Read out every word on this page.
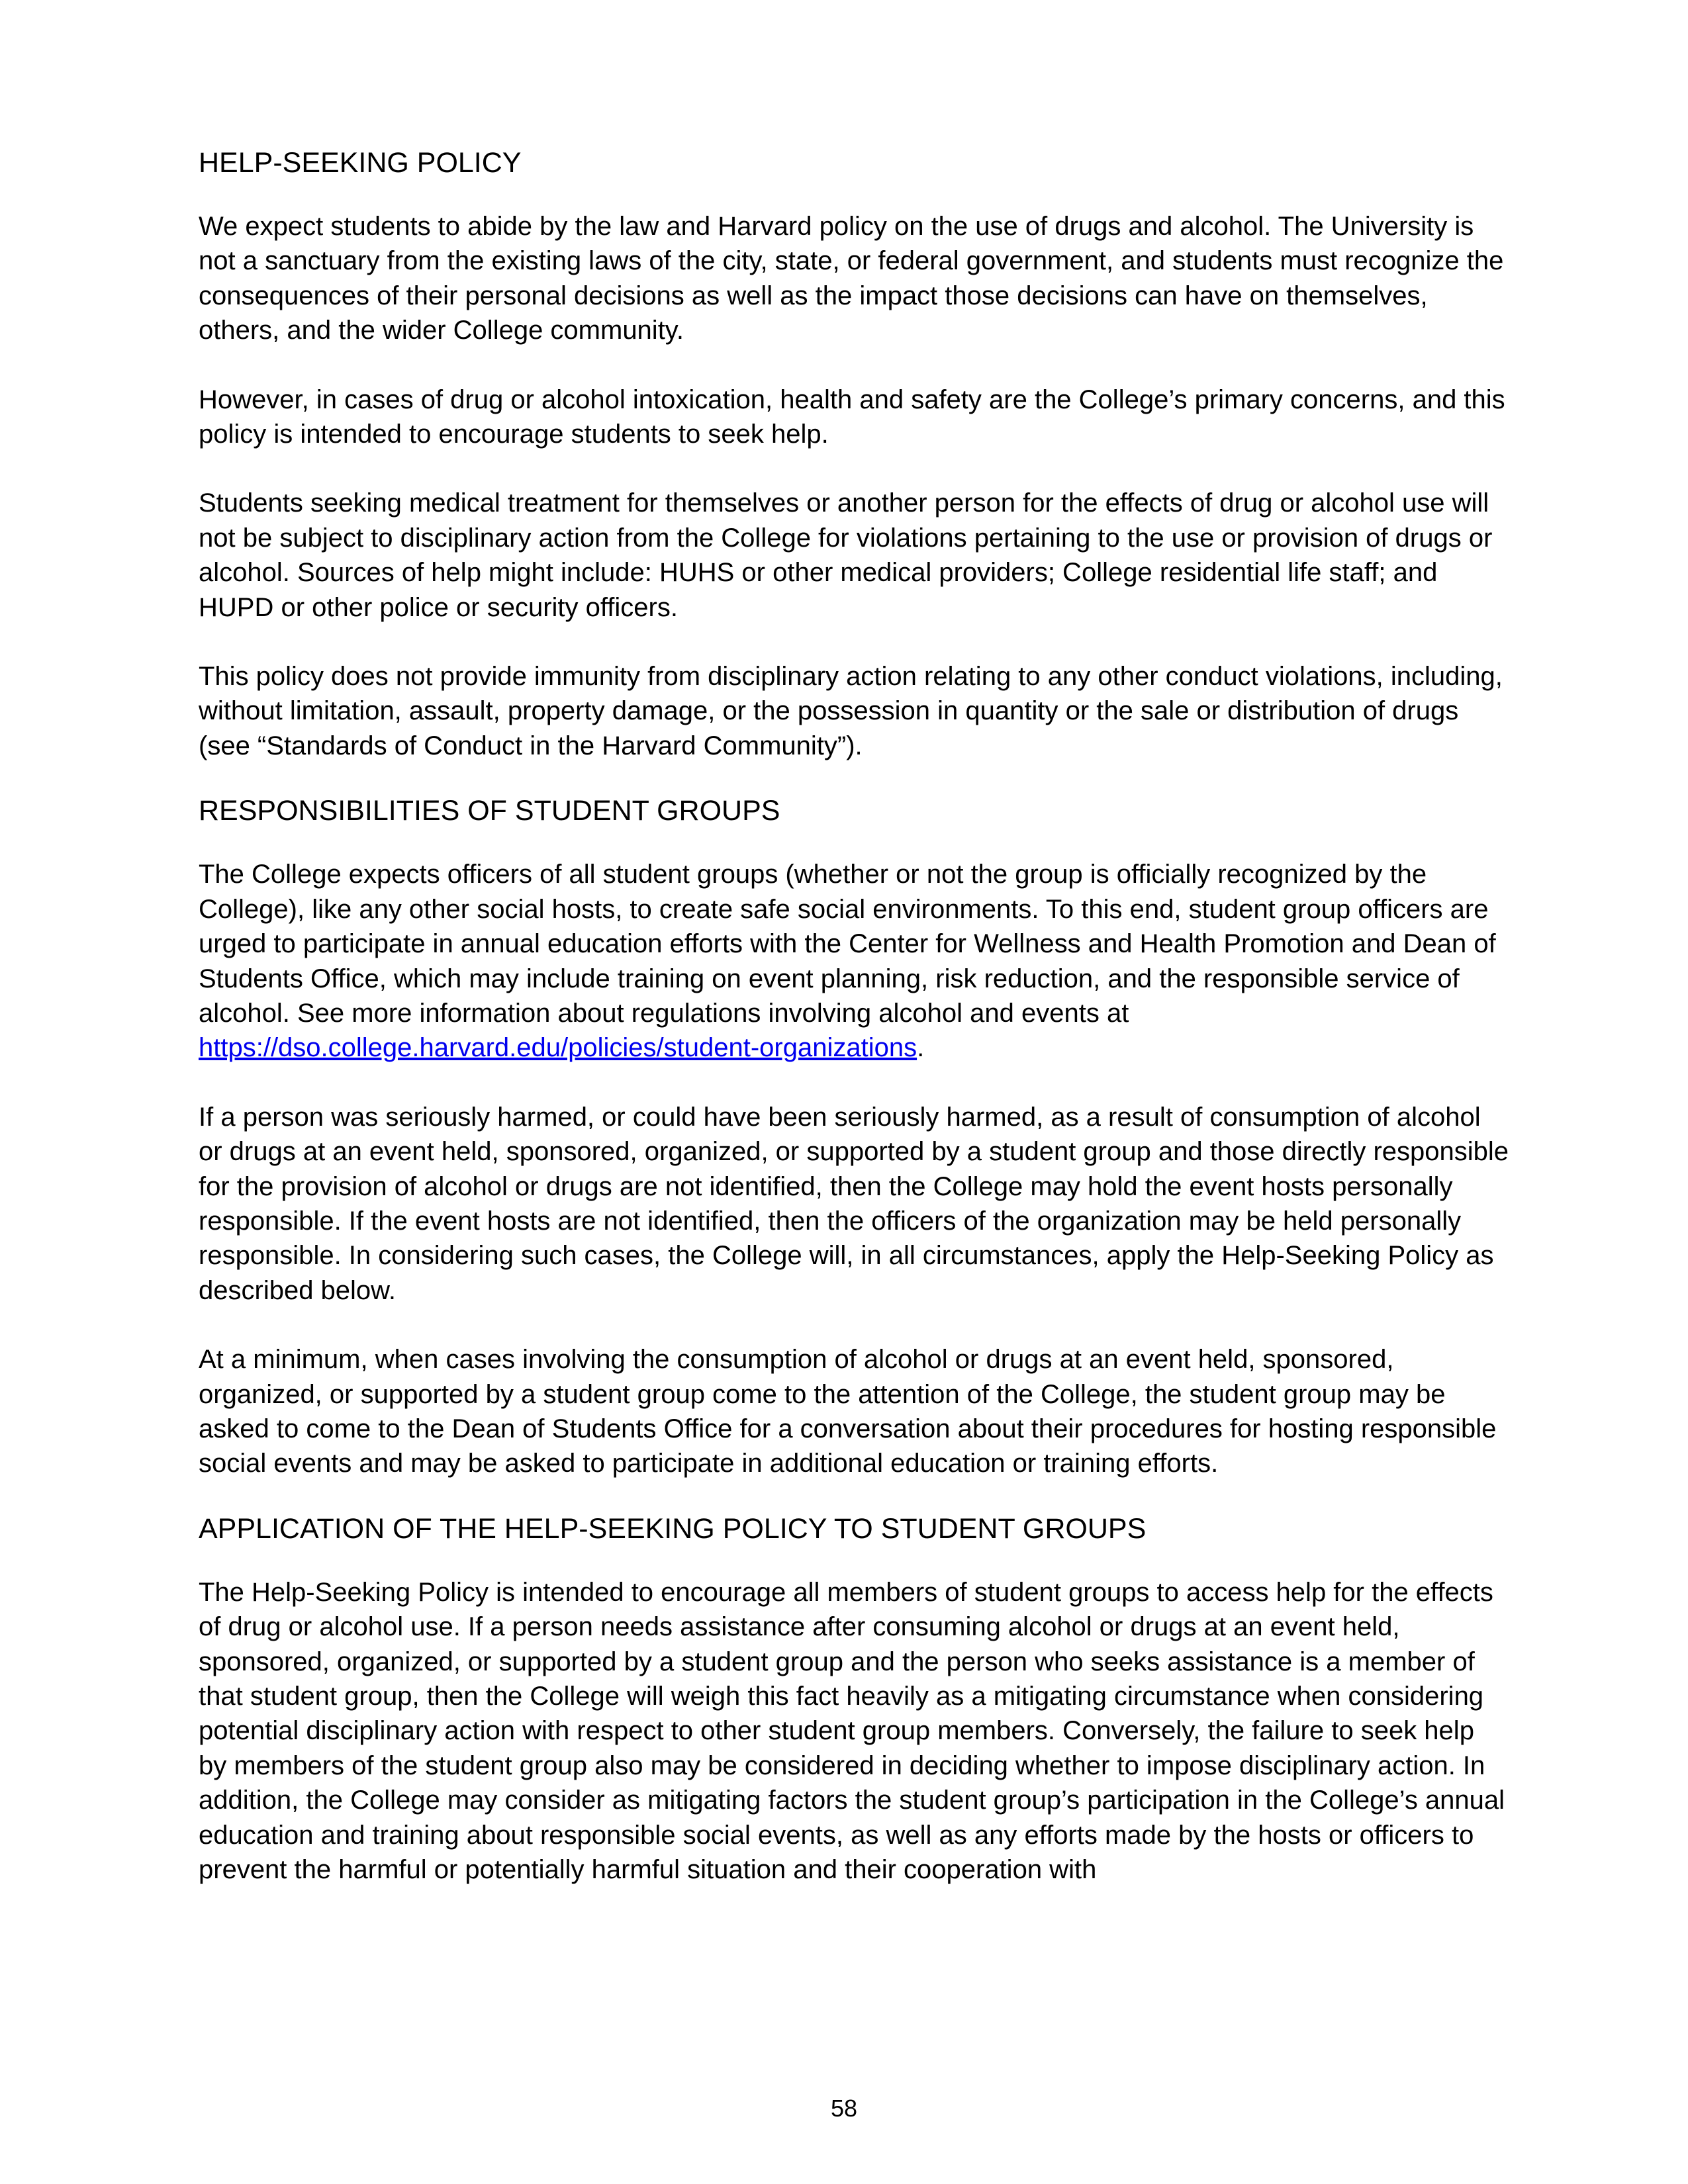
HELP-SEEKING POLICY

We expect students to abide by the law and Harvard policy on the use of drugs and alcohol. The University is not a sanctuary from the existing laws of the city, state, or federal government, and students must recognize the consequences of their personal decisions as well as the impact those decisions can have on themselves, others, and the wider College community.

However, in cases of drug or alcohol intoxication, health and safety are the College’s primary concerns, and this policy is intended to encourage students to seek help.

Students seeking medical treatment for themselves or another person for the effects of drug or alcohol use will not be subject to disciplinary action from the College for violations pertaining to the use or provision of drugs or alcohol. Sources of help might include: HUHS or other medical providers; College residential life staff; and HUPD or other police or security officers.

This policy does not provide immunity from disciplinary action relating to any other conduct violations, including, without limitation, assault, property damage, or the possession in quantity or the sale or distribution of drugs (see “Standards of Conduct in the Harvard Community”).

RESPONSIBILITIES OF STUDENT GROUPS

The College expects officers of all student groups (whether or not the group is officially recognized by the College), like any other social hosts, to create safe social environments. To this end, student group officers are urged to participate in annual education efforts with the Center for Wellness and Health Promotion and Dean of Students Office, which may include training on event planning, risk reduction, and the responsible service of alcohol. See more information about regulations involving alcohol and events at https://dso.college.harvard.edu/policies/student-organizations.

If a person was seriously harmed, or could have been seriously harmed, as a result of consumption of alcohol or drugs at an event held, sponsored, organized, or supported by a student group and those directly responsible for the provision of alcohol or drugs are not identified, then the College may hold the event hosts personally responsible. If the event hosts are not identified, then the officers of the organization may be held personally responsible. In considering such cases, the College will, in all circumstances, apply the Help-Seeking Policy as described below.

At a minimum, when cases involving the consumption of alcohol or drugs at an event held, sponsored, organized, or supported by a student group come to the attention of the College, the student group may be asked to come to the Dean of Students Office for a conversation about their procedures for hosting responsible social events and may be asked to participate in additional education or training efforts.

APPLICATION OF THE HELP-SEEKING POLICY TO STUDENT GROUPS

The Help-Seeking Policy is intended to encourage all members of student groups to access help for the effects of drug or alcohol use. If a person needs assistance after consuming alcohol or drugs at an event held, sponsored, organized, or supported by a student group and the person who seeks assistance is a member of that student group, then the College will weigh this fact heavily as a mitigating circumstance when considering potential disciplinary action with respect to other student group members. Conversely, the failure to seek help by members of the student group also may be considered in deciding whether to impose disciplinary action. In addition, the College may consider as mitigating factors the student group’s participation in the College’s annual education and training about responsible social events, as well as any efforts made by the hosts or officers to prevent the harmful or potentially harmful situation and their cooperation with

58
